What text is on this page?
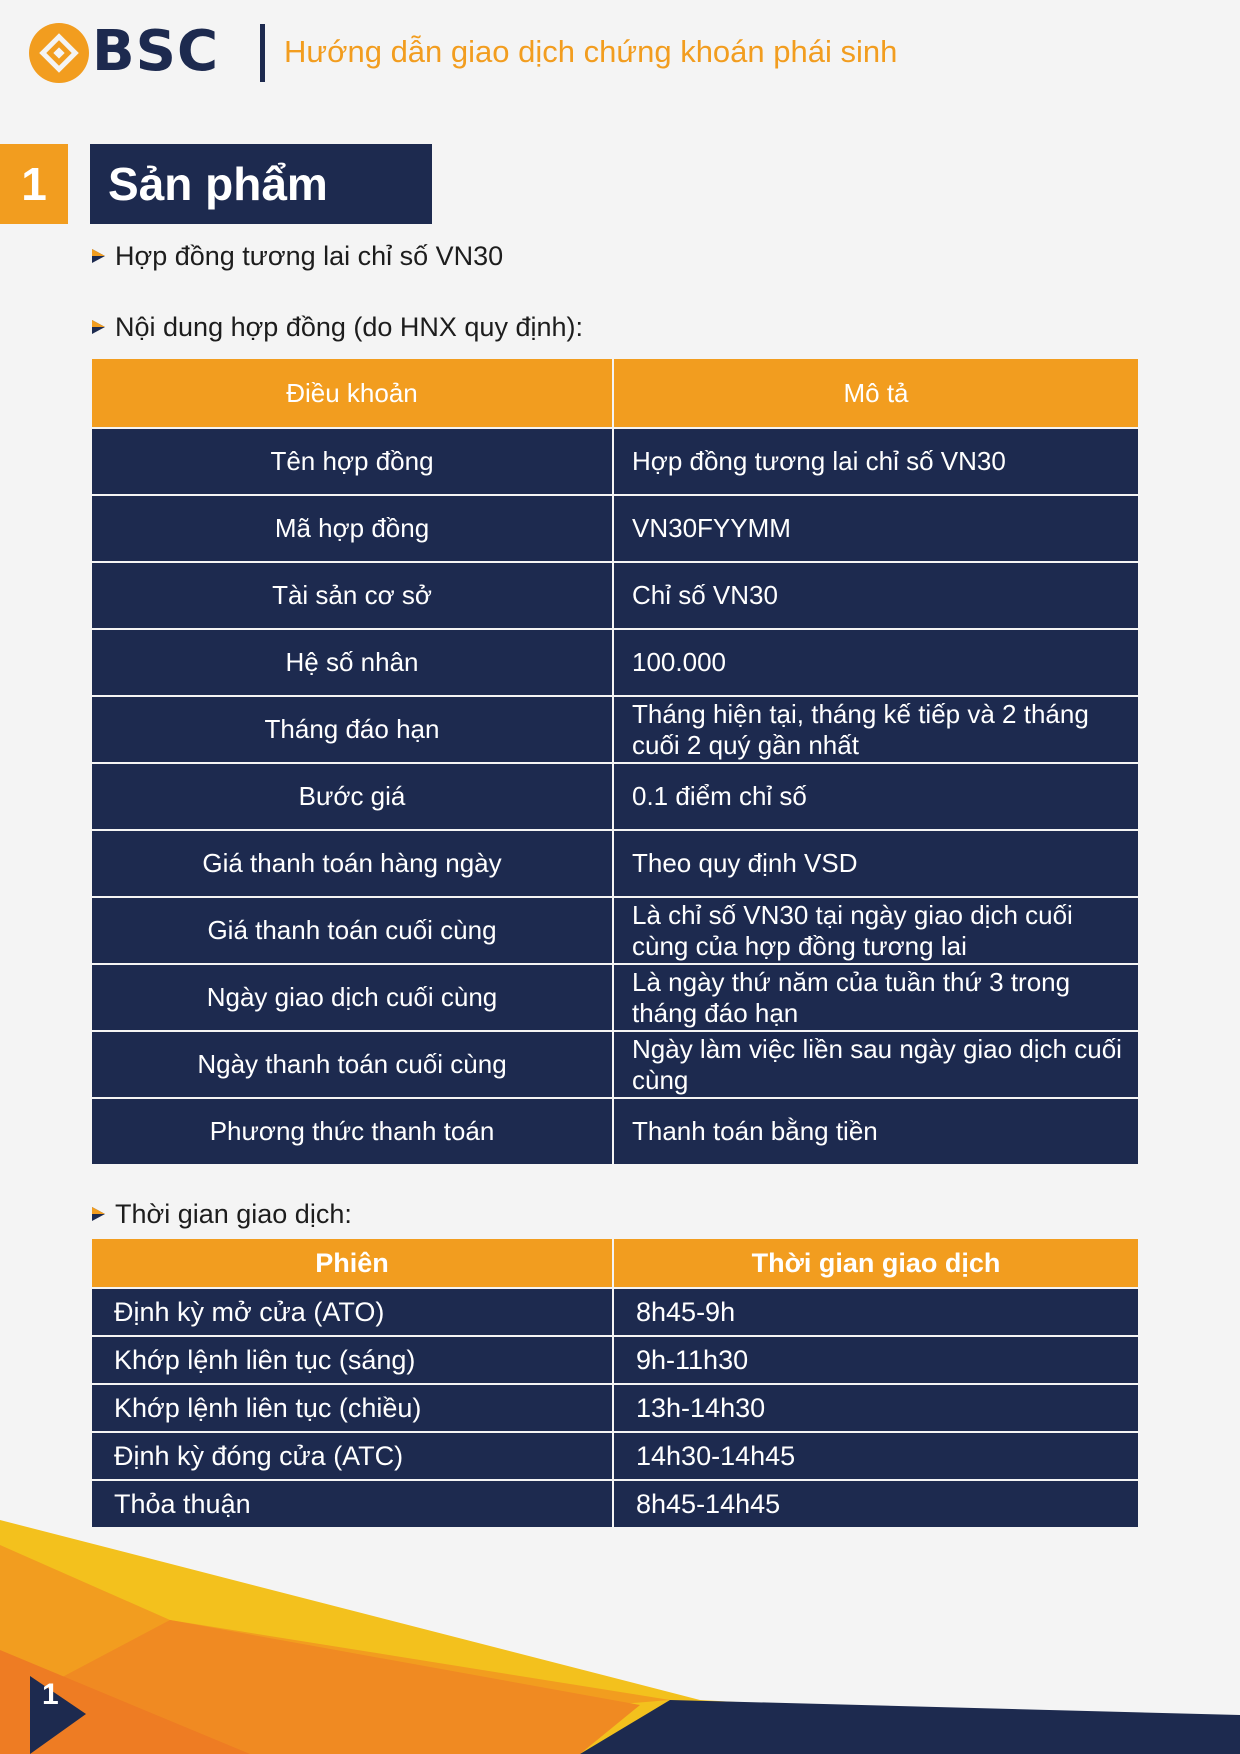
BSC Hướng dẫn giao dịch chứng khoán phái sinh
1	Sản phẩm
Hợp đồng tương lai chỉ số VN30
Nội dung hợp đồng (do HNX quy định):
Điều khoản	Mô tả
Tên hợp đồng	Hợp đồng tương lai chỉ số VN30
Mã hợp đồng	VN30FYYMM
Tài sản cơ sở	Chỉ số VN30
Hệ số nhân	100.000
Tháng đáo hạn	Tháng hiện tại, tháng kế tiếp và 2 tháng cuối 2 quý gần nhất
Bước giá	0.1 điểm chỉ số
Giá thanh toán hàng ngày	Theo quy định VSD
Giá thanh toán cuối cùng	Là chỉ số VN30 tại ngày giao dịch cuối cùng của hợp đồng tương lai
Ngày giao dịch cuối cùng	Là ngày thứ năm của tuần thứ 3 trong tháng đáo hạn
Ngày thanh toán cuối cùng	Ngày làm việc liền sau ngày giao dịch cuối cùng
Phương thức thanh toán	Thanh toán bằng tiền
Thời gian giao dịch:
Phiên	Thời gian giao dịch
Định kỳ mở cửa (ATO)	8h45-9h
Khớp lệnh liên tục (sáng)	9h-11h30
Khớp lệnh liên tục (chiều)	13h-14h30
Định kỳ đóng cửa (ATC)	14h30-14h45
Thỏa thuận	8h45-14h45
1
